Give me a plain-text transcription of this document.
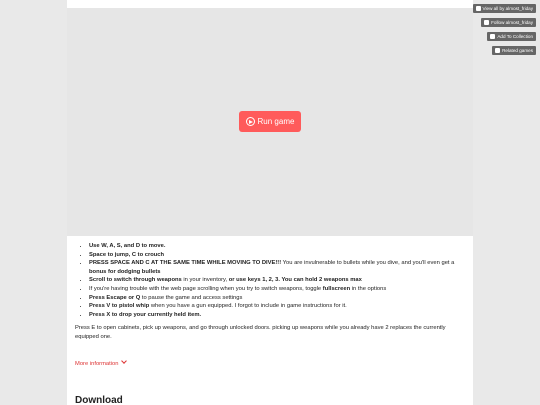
Run game
• Use W, A, S, and D to move.
• Space to jump, C to crouch
• PRESS SPACE AND C AT THE SAME TIME WHILE MOVING TO DIVE!!! You are invulnerable to bullets while you dive, and you'll even get a bonus for dodging bullets
• Scroll to switch through weapons in your inventory, or use keys 1, 2, 3. You can hold 2 weapons max
• If you're having trouble with the web page scrolling when you try to switch weapons, toggle fullscreen in the options
• Press Escape or Q to pause the game and access settings
• Press V to pistol whip when you have a gun equipped. I forgot to include in game instructions for it.
• Press X to drop your currently held item.

Press E to open cabinets, pick up weapons, and go through unlocked doors. picking up weapons while you already have 2 replaces the currently equipped one.

More information
Download
View all by almost_friday
Follow almost_friday
Add To Collection
Related games
